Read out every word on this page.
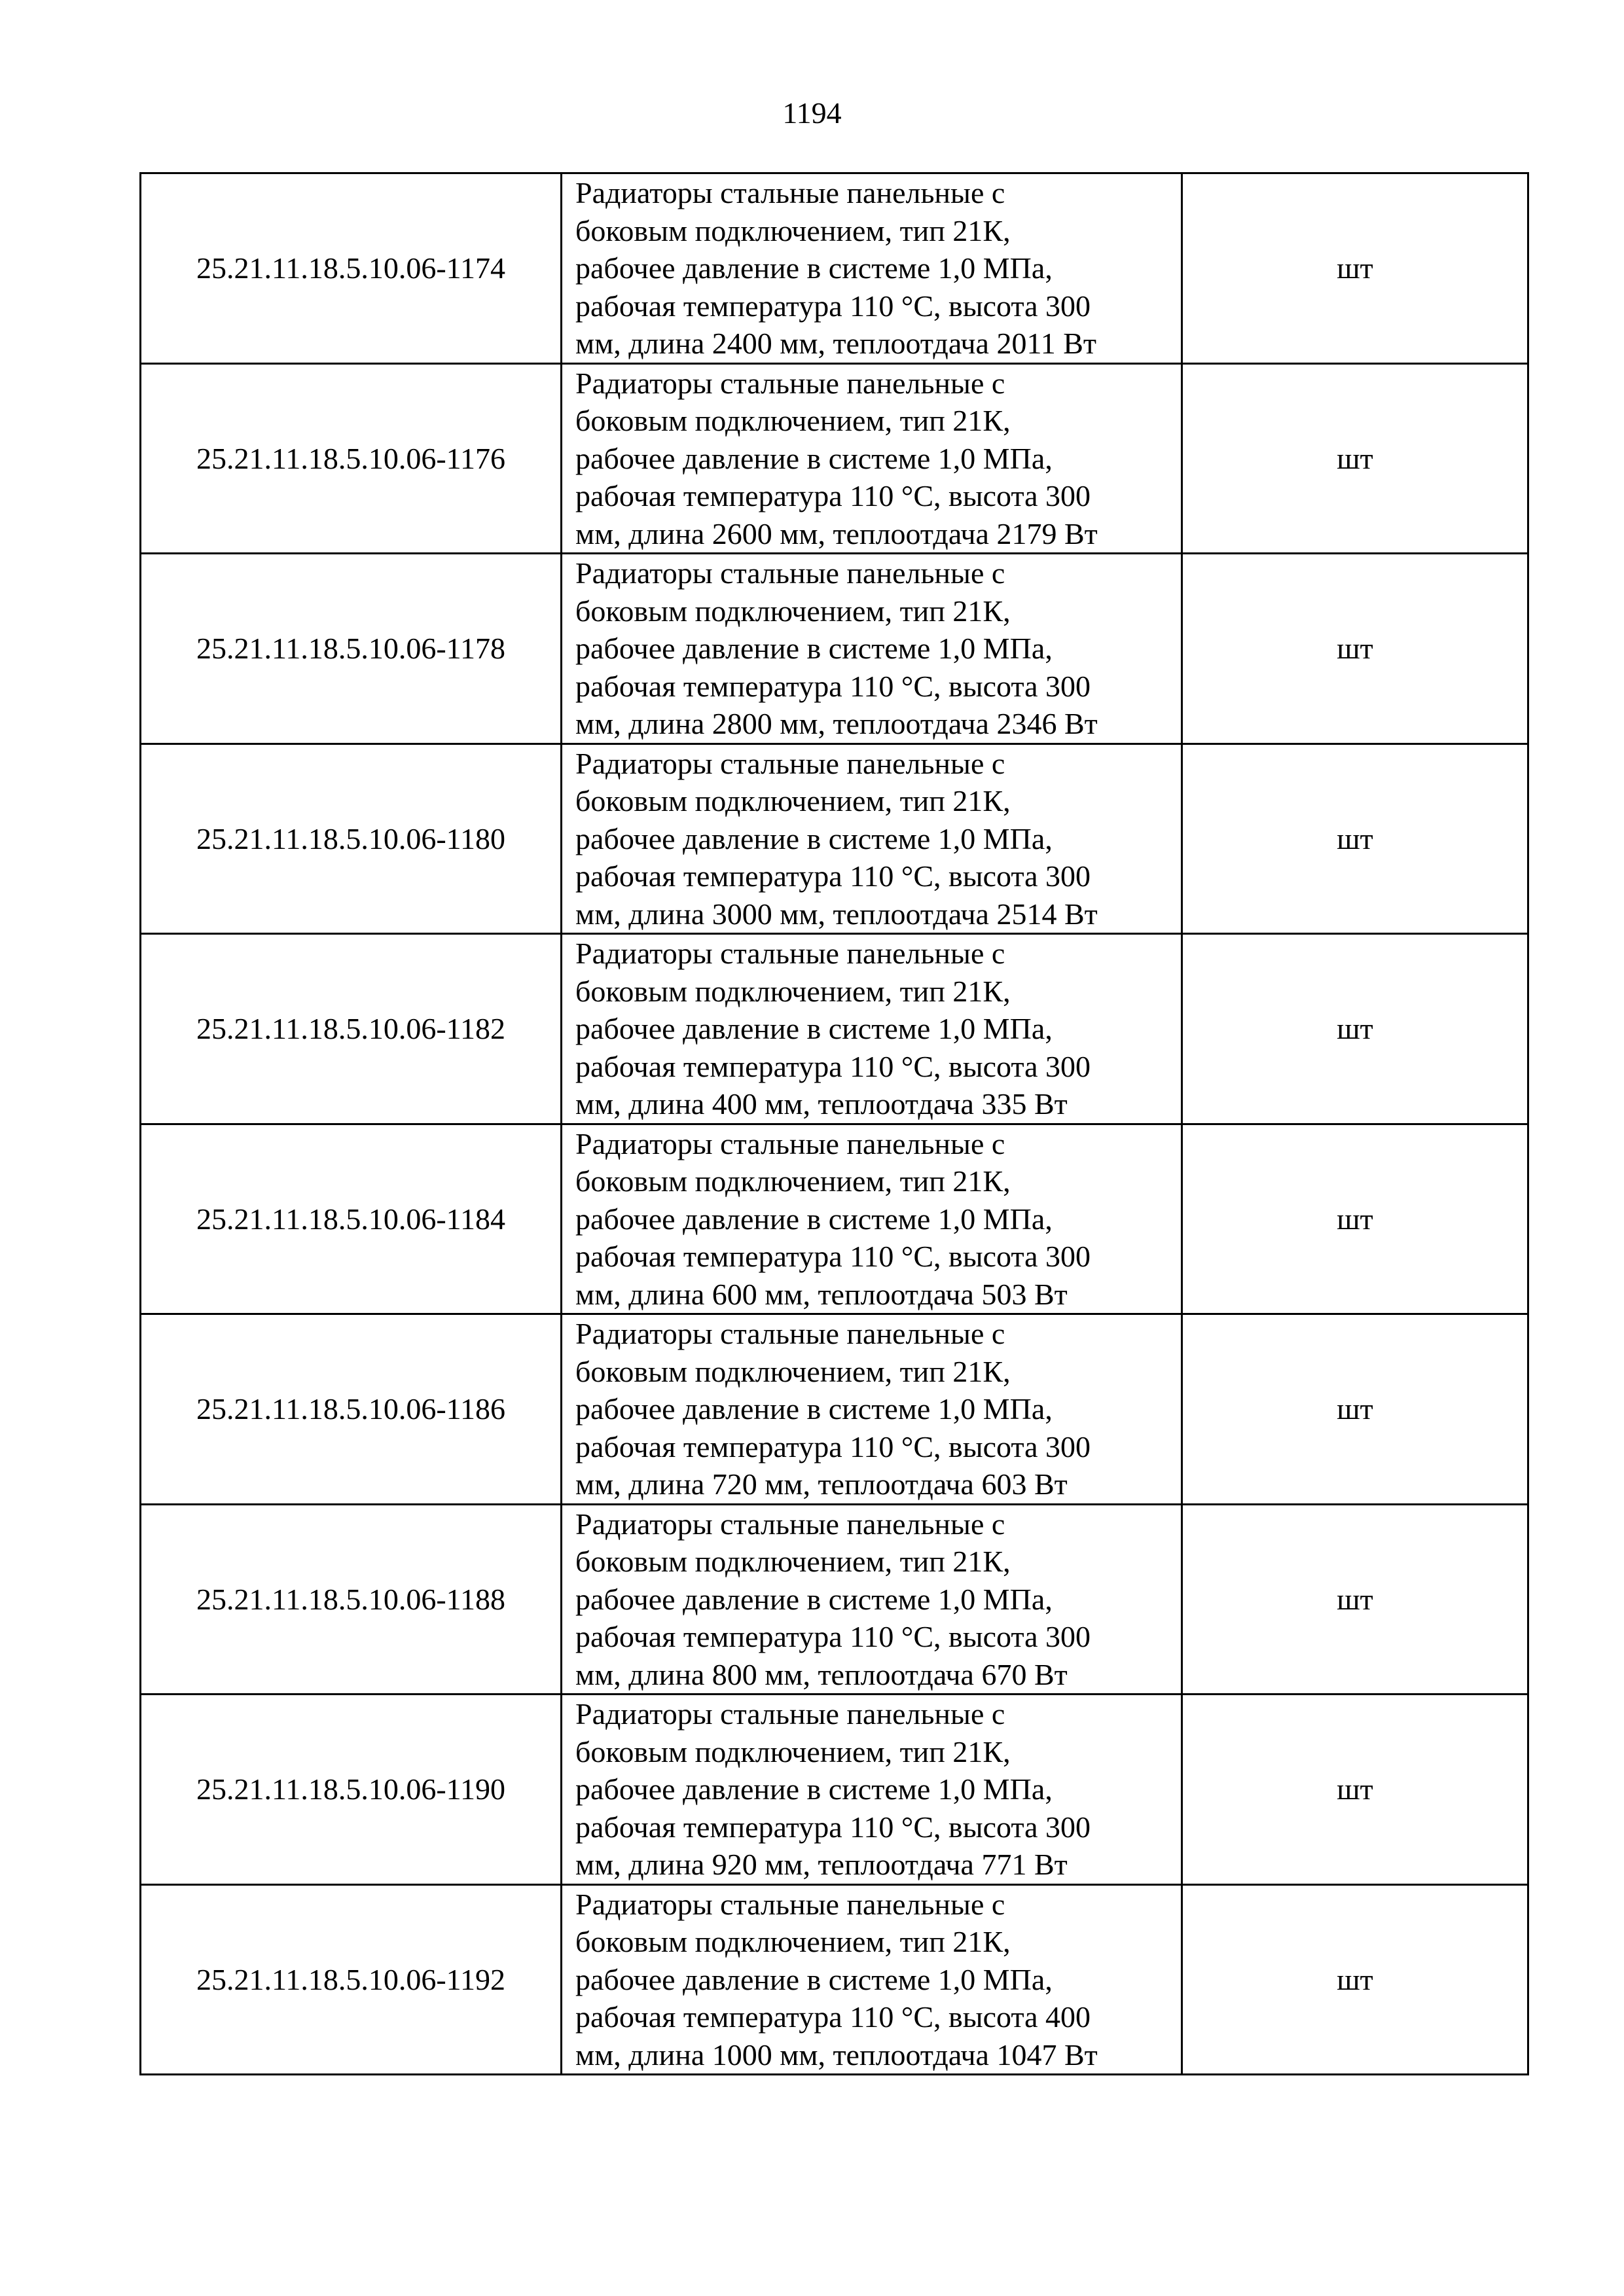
1194
25.21.11.18.5.10.06-1174	Радиаторы стальные панельные с
боковым подключением, тип 21К,
рабочее давление в системе 1,0 МПа,
рабочая температура 110 °С, высота 300
мм, длина 2400 мм, теплоотдача 2011 Вт	шт
25.21.11.18.5.10.06-1176	Радиаторы стальные панельные с
боковым подключением, тип 21К,
рабочее давление в системе 1,0 МПа,
рабочая температура 110 °С, высота 300
мм, длина 2600 мм, теплоотдача 2179 Вт	шт
25.21.11.18.5.10.06-1178	Радиаторы стальные панельные с
боковым подключением, тип 21К,
рабочее давление в системе 1,0 МПа,
рабочая температура 110 °С, высота 300
мм, длина 2800 мм, теплоотдача 2346 Вт	шт
25.21.11.18.5.10.06-1180	Радиаторы стальные панельные с
боковым подключением, тип 21К,
рабочее давление в системе 1,0 МПа,
рабочая температура 110 °С, высота 300
мм, длина 3000 мм, теплоотдача 2514 Вт	шт
25.21.11.18.5.10.06-1182	Радиаторы стальные панельные с
боковым подключением, тип 21К,
рабочее давление в системе 1,0 МПа,
рабочая температура 110 °С, высота 300
мм, длина 400 мм, теплоотдача 335 Вт	шт
25.21.11.18.5.10.06-1184	Радиаторы стальные панельные с
боковым подключением, тип 21К,
рабочее давление в системе 1,0 МПа,
рабочая температура 110 °С, высота 300
мм, длина 600 мм, теплоотдача 503 Вт	шт
25.21.11.18.5.10.06-1186	Радиаторы стальные панельные с
боковым подключением, тип 21К,
рабочее давление в системе 1,0 МПа,
рабочая температура 110 °С, высота 300
мм, длина 720 мм, теплоотдача 603 Вт	шт
25.21.11.18.5.10.06-1188	Радиаторы стальные панельные с
боковым подключением, тип 21К,
рабочее давление в системе 1,0 МПа,
рабочая температура 110 °С, высота 300
мм, длина 800 мм, теплоотдача 670 Вт	шт
25.21.11.18.5.10.06-1190	Радиаторы стальные панельные с
боковым подключением, тип 21К,
рабочее давление в системе 1,0 МПа,
рабочая температура 110 °С, высота 300
мм, длина 920 мм, теплоотдача 771 Вт	шт
25.21.11.18.5.10.06-1192	Радиаторы стальные панельные с
боковым подключением, тип 21К,
рабочее давление в системе 1,0 МПа,
рабочая температура 110 °С, высота 400
мм, длина 1000 мм, теплоотдача 1047 Вт	шт
